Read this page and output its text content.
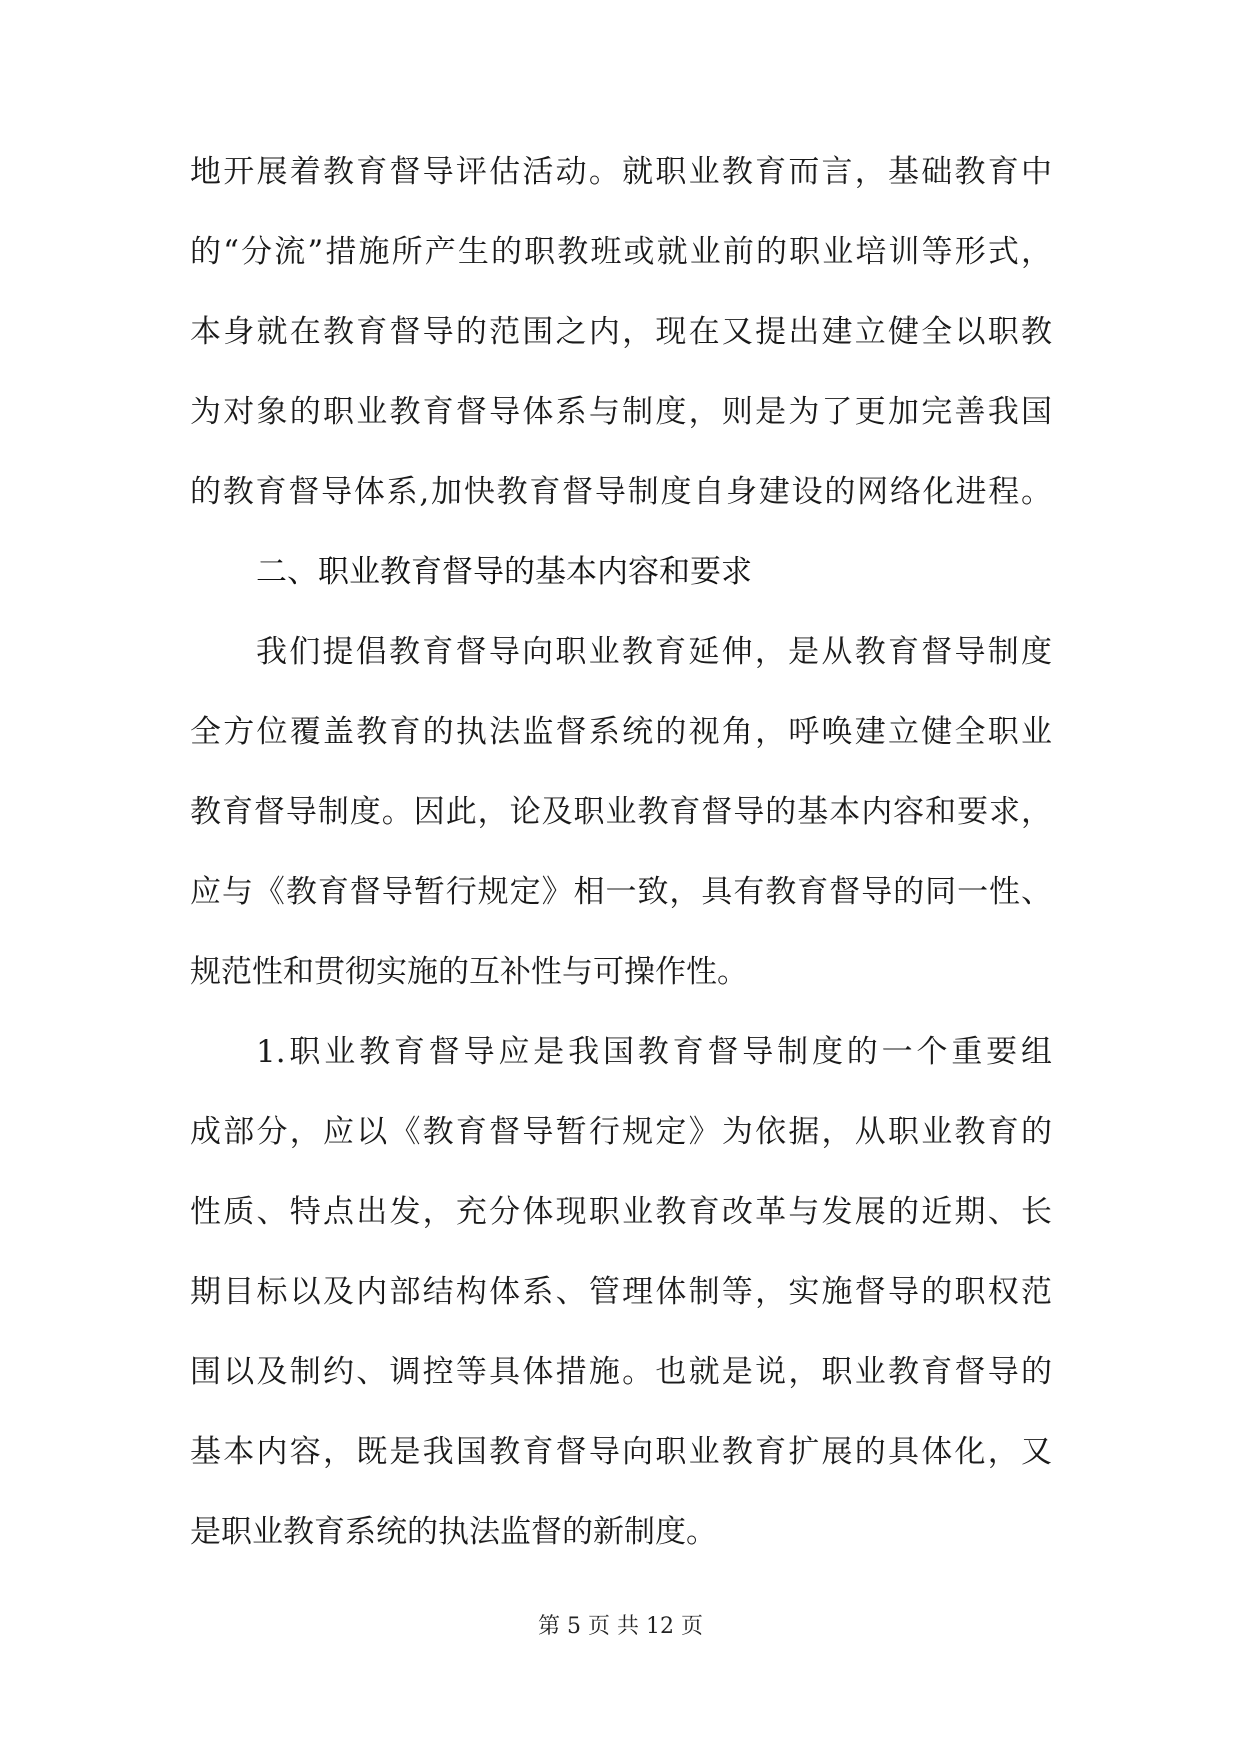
地开展着教育督导评估活动。就职业教育而言，基础教育中
的“分流”措施所产生的职教班或就业前的职业培训等形式，
本身就在教育督导的范围之内，现在又提出建立健全以职教
为对象的职业教育督导体系与制度，则是为了更加完善我国
的教育督导体系,加快教育督导制度自身建设的网络化进程。
二、职业教育督导的基本内容和要求
我们提倡教育督导向职业教育延伸，是从教育督导制度
全方位覆盖教育的执法监督系统的视角，呼唤建立健全职业
教育督导制度。因此，论及职业教育督导的基本内容和要求，
应与《教育督导暂行规定》相一致，具有教育督导的同一性、
规范性和贯彻实施的互补性与可操作性。
1.职业教育督导应是我国教育督导制度的一个重要组
成部分，应以《教育督导暂行规定》为依据，从职业教育的
性质、特点出发，充分体现职业教育改革与发展的近期、长
期目标以及内部结构体系、管理体制等，实施督导的职权范
围以及制约、调控等具体措施。也就是说，职业教育督导的
基本内容，既是我国教育督导向职业教育扩展的具体化，又
是职业教育系统的执法监督的新制度。
第 5 页 共 12 页
